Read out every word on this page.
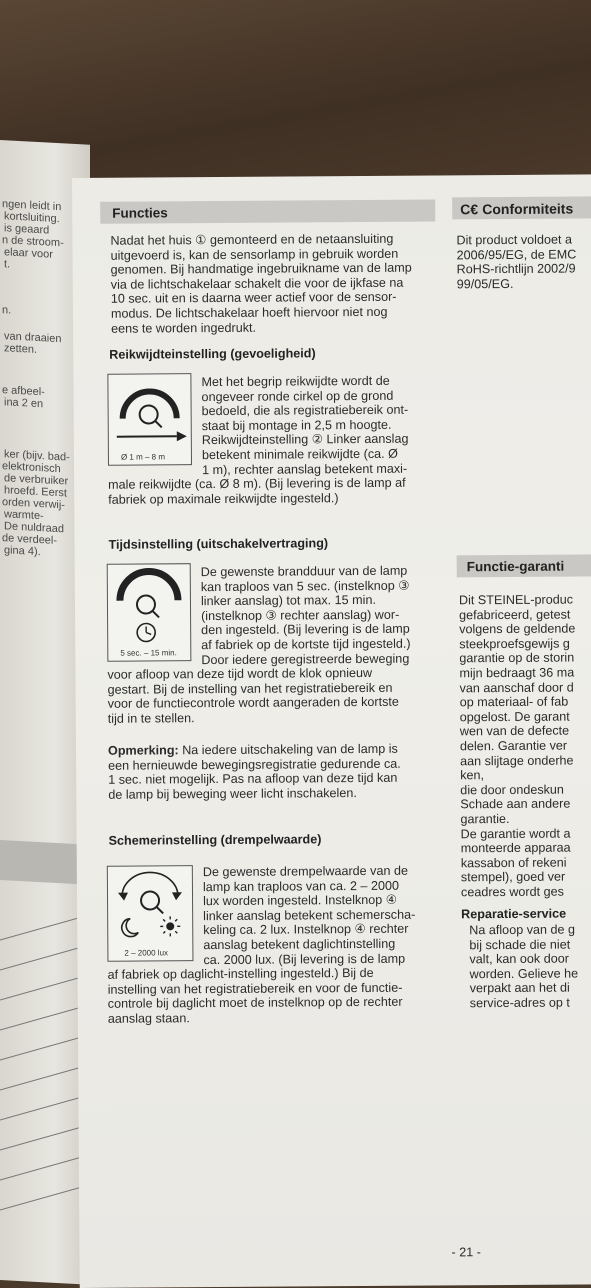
ngen leidt in
kortsluiting.
is geaard
n de stroom-
elaar voor
t.
n.
van draaien
zetten.
e afbeel-
ina 2 en
ker (bijv. bad-
elektronisch
de verbruiker
hroefd. Eerst
orden verwij-
warmte-
De nuldraad
de verdeel-
gina 4).
Functies
Nadat het huis ① gemonteerd en de netaansluiting
uitgevoerd is, kan de sensorlamp in gebruik worden
genomen. Bij handmatige ingebruikname van de lamp
via de lichtschakelaar schakelt die voor de ijkfase na
10 sec. uit en is daarna weer actief voor de sensor-
modus. De lichtschakelaar hoeft hiervoor niet nog
eens te worden ingedrukt.
Reikwijdteinstelling (gevoeligheid)
Ø 1 m – 8 m
Met het begrip reikwijdte wordt de
ongeveer ronde cirkel op de grond
bedoeld, die als registratiebereik ont-
staat bij montage in 2,5 m hoogte.
Reikwijdteinstelling ② Linker aanslag
betekent minimale reikwijdte (ca. Ø
1 m), rechter aanslag betekent maxi-
male reikwijdte (ca. Ø 8 m). (Bij levering is de lamp af
fabriek op maximale reikwijdte ingesteld.)
Tijdsinstelling (uitschakelvertraging)
5 sec. – 15 min.
De gewenste brandduur van de lamp
kan traploos van 5 sec. (instelknop ③
linker aanslag) tot max. 15 min.
(instelknop ③ rechter aanslag) wor-
den ingesteld. (Bij levering is de lamp
af fabriek op de kortste tijd ingesteld.)
Door iedere geregistreerde beweging
voor afloop van deze tijd wordt de klok opnieuw
gestart. Bij de instelling van het registratiebereik en
voor de functiecontrole wordt aangeraden de kortste
tijd in te stellen.
Opmerking: Na iedere uitschakeling van de lamp is
een hernieuwde bewegingsregistratie gedurende ca.
1 sec. niet mogelijk. Pas na afloop van deze tijd kan
de lamp bij beweging weer licht inschakelen.
Schemerinstelling (drempelwaarde)
2 – 2000 lux
De gewenste drempelwaarde van de
lamp kan traploos van ca. 2 – 2000
lux worden ingesteld. Instelknop ④
linker aanslag betekent schemerscha-
keling ca. 2 lux. Instelknop ④ rechter
aanslag betekent daglichtinstelling
ca. 2000 lux. (Bij levering is de lamp
af fabriek op daglicht-instelling ingesteld.) Bij de
instelling van het registratiebereik en voor de functie-
controle bij daglicht moet de instelknop op de rechter
aanslag staan.
C€ Conformiteits
Dit product voldoet a
2006/95/EG, de EMC
RoHS-richtlijn 2002/9
99/05/EG.
Functie-garanti
Dit STEINEL-produc
gefabriceerd, getest
volgens de geldende
steekproefsgewijs g
garantie op de storin
mijn bedraagt 36 ma
van aanschaf door d
op materiaal- of fab
opgelost. De garant
wen van de defecte
delen. Garantie ver
aan slijtage onderhe
ken,
die door ondeskun
Schade aan andere
garantie.
De garantie wordt a
monteerde apparaa
kassabon of rekeni
stempel), goed ver
ceadres wordt ges
Reparatie-service
Na afloop van de g
bij schade die niet
valt, kan ook door
worden. Gelieve he
verpakt aan het di
service-adres op t
- 21 -
